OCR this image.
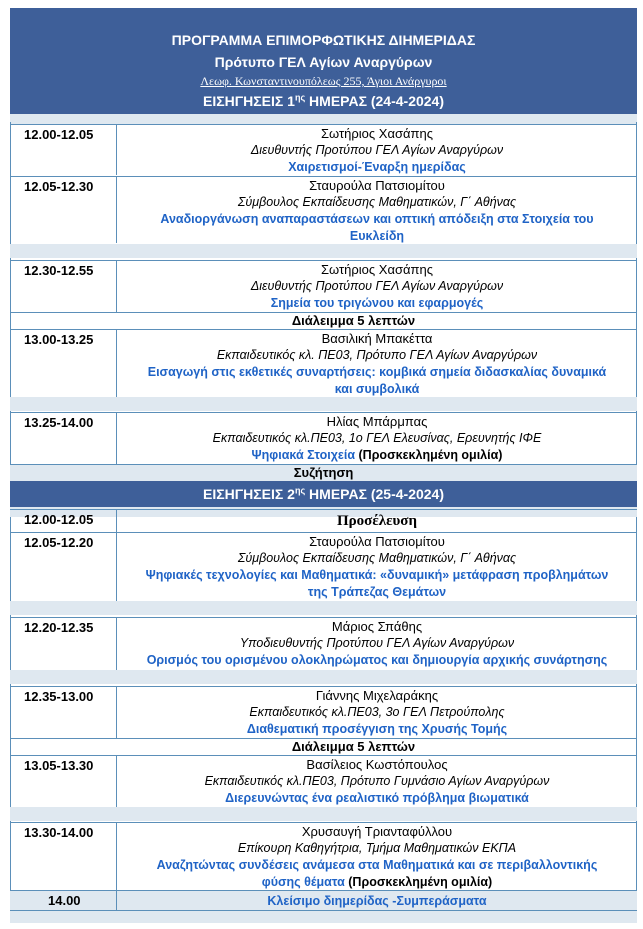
ΠΡΟΓΡΑΜΜΑ ΕΠΙΜΟΡΦΩΤΙΚΗΣ ΔΙΗΜΕΡΙΔΑΣ
Πρότυπο ΓΕΛ Αγίων Αναργύρων
Λεωφ. Κωνσταντινουπόλεως 255, Άγιοι Ανάργυροι
ΕΙΣΗΓΗΣΕΙΣ $1^{\eta\varsigma}$ ΗΜΕΡΑΣ (24-4-2024)
12.00-12.05	Σωτήριος Χασάπης
Διευθυντής Προτύπου ΓΕΛ Αγίων Αναργύρων
Χαιρετισμοί-Έναρξη ημερίδας
12.05-12.30	Σταυρούλα Πατσιομίτου
Σύμβουλος Εκπαίδευσης Μαθηματικών, Γ΄ Αθήνας
Αναδιοργάνωση αναπαραστάσεων και οπτική απόδειξη στα Στοιχεία του
Ευκλείδη
12.30-12.55	Σωτήριος Χασάπης
Διευθυντής Προτύπου ΓΕΛ Αγίων Αναργύρων
Σημεία του τριγώνου και εφαρμογές
Διάλειμμα 5 λεπτών
13.00-13.25	Βασιλική Μπακέττα
Εκπαιδευτικός κλ. ΠΕ03, Πρότυπο ΓΕΛ Αγίων Αναργύρων
Εισαγωγή στις εκθετικές συναρτήσεις: κομβικά σημεία διδασκαλίας δυναμικά
και συμβολικά
13.25-14.00	Ηλίας Μπάρμπας
Εκπαιδευτικός κλ.ΠΕ03, 1ο ΓΕΛ Ελευσίνας, Ερευνητής ΙΦΕ
Ψηφιακά Στοιχεία (Προσκεκλημένη ομιλία)
Συζήτηση
ΕΙΣΗΓΗΣΕΙΣ $2^{\eta\varsigma}$ ΗΜΕΡΑΣ (25-4-2024)
12.00-12.05	Προσέλευση
12.05-12.20	Σταυρούλα Πατσιομίτου
Σύμβουλος Εκπαίδευσης Μαθηματικών, Γ΄ Αθήνας
Ψηφιακές τεχνολογίες και Μαθηματικά: «δυναμική» μετάφραση προβλημάτων
της Τράπεζας Θεμάτων
12.20-12.35	Μάριος Σπάθης
Υποδιευθυντής Προτύπου ΓΕΛ Αγίων Αναργύρων
Ορισμός του ορισμένου ολοκληρώματος και δημιουργία αρχικής συνάρτησης
12.35-13.00	Γιάννης Μιχελαράκης
Εκπαιδευτικός κλ.ΠΕ03, 3ο ΓΕΛ Πετρούπολης
Διαθεματική προσέγγιση της Χρυσής Τομής
Διάλειμμα 5 λεπτών
13.05-13.30	Βασίλειος Κωστόπουλος
Εκπαιδευτικός κλ.ΠΕ03, Πρότυπο Γυμνάσιο Αγίων Αναργύρων
Διερευνώντας ένα ρεαλιστικό πρόβλημα βιωματικά
13.30-14.00	Χρυσαυγή Τριανταφύλλου
Επίκουρη Καθηγήτρια, Τμήμα Μαθηματικών ΕΚΠΑ
Αναζητώντας συνδέσεις ανάμεσα στα Μαθηματικά και σε περιβαλλοντικής
φύσης θέματα (Προσκεκλημένη ομιλία)
14.00	Κλείσιμο διημερίδας -Συμπεράσματα
